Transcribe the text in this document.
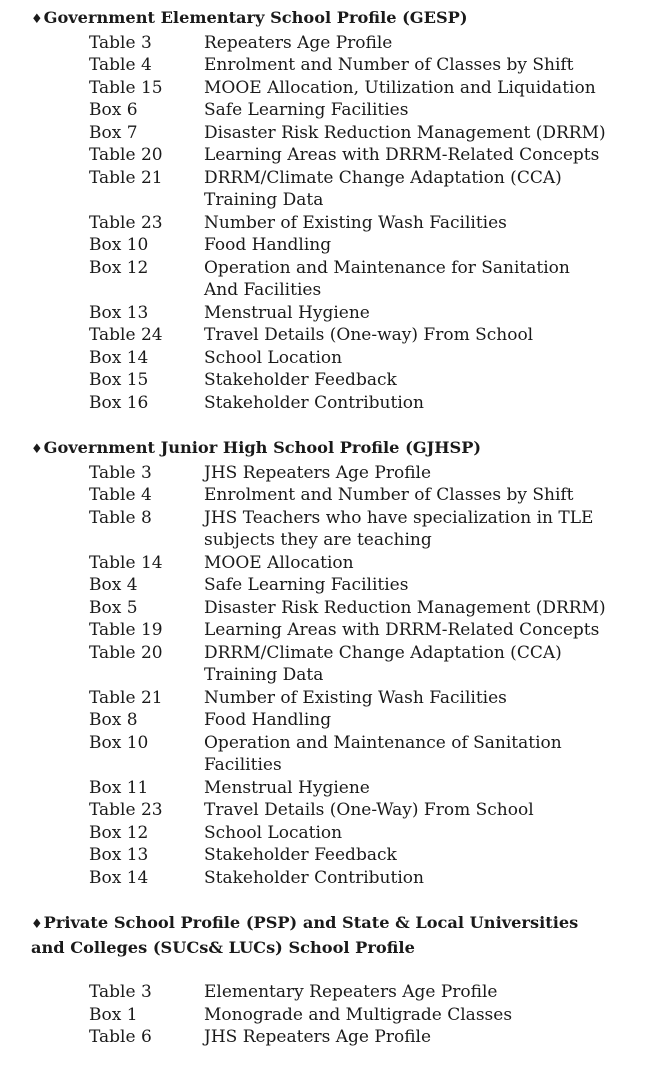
♦Government Elementary School Profile (GESP)
Table 3	Repeaters Age Profile
Table 4	Enrolment and Number of Classes by Shift
Table 15	MOOE Allocation, Utilization and Liquidation
Box 6	Safe Learning Facilities
Box 7	Disaster Risk Reduction Management (DRRM)
Table 20	Learning Areas with DRRM-Related Concepts
Table 21	DRRM/Climate Change Adaptation (CCA)
Training Data
Table 23	Number of Existing Wash Facilities
Box 10	Food Handling
Box 12	Operation and Maintenance for Sanitation
And Facilities
Box 13	Menstrual Hygiene
Table 24	Travel Details (One-way) From School
Box 14	School Location
Box 15	Stakeholder Feedback
Box 16	Stakeholder Contribution
♦Government Junior High School Profile (GJHSP)
Table 3	JHS Repeaters Age Profile
Table 4	Enrolment and Number of Classes by Shift
Table 8	JHS Teachers who have specialization in TLE
subjects they are teaching
Table 14	MOOE Allocation
Box 4	Safe Learning Facilities
Box 5	Disaster Risk Reduction Management (DRRM)
Table 19	Learning Areas with DRRM-Related Concepts
Table 20	DRRM/Climate Change Adaptation (CCA)
Training Data
Table 21	Number of Existing Wash Facilities
Box 8	Food Handling
Box 10	Operation and Maintenance of Sanitation
Facilities
Box 11	Menstrual Hygiene
Table 23	Travel Details (One-Way) From School
Box 12	School Location
Box 13	Stakeholder Feedback
Box 14	Stakeholder Contribution
♦Private School Profile (PSP) and State & Local Universities
and Colleges (SUCs& LUCs) School Profile
Table 3	Elementary Repeaters Age Profile
Box 1	Monograde and Multigrade Classes
Table 6	JHS Repeaters Age Profile
